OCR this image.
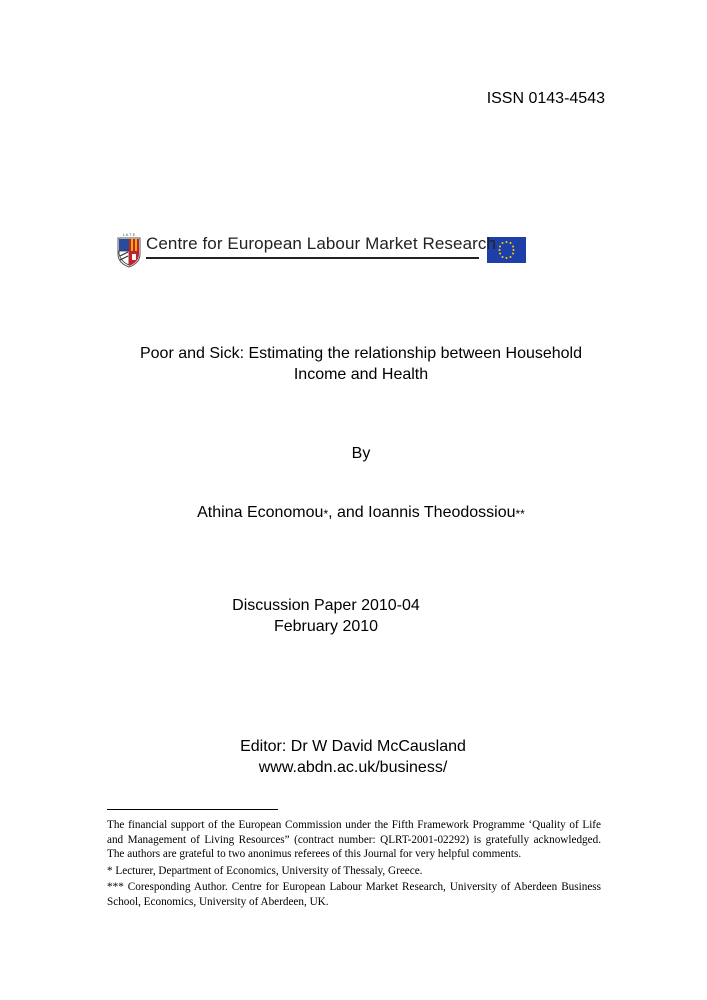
ISSN 0143-4543
L A T E Centre for European Labour Market Research
Poor and Sick: Estimating the relationship between Household
Income and Health
By
Athina Economou*, and Ioannis Theodossiou**
Discussion Paper 2010-04
February 2010
Editor: Dr W David McCausland
www.abdn.ac.uk/business/

The financial support of the European Commission under the Fifth Framework Programme ‘Quality of Life and Management of Living Resources” (contract number: QLRT-2001-02292) is gratefully acknowledged. The authors are grateful to two anonimus referees of this Journal for very helpful comments.

* Lecturer, Department of Economics, University of Thessaly, Greece.

*** Coresponding Author. Centre for European Labour Market Research, University of Aberdeen Business School, Economics, University of Aberdeen, UK.
